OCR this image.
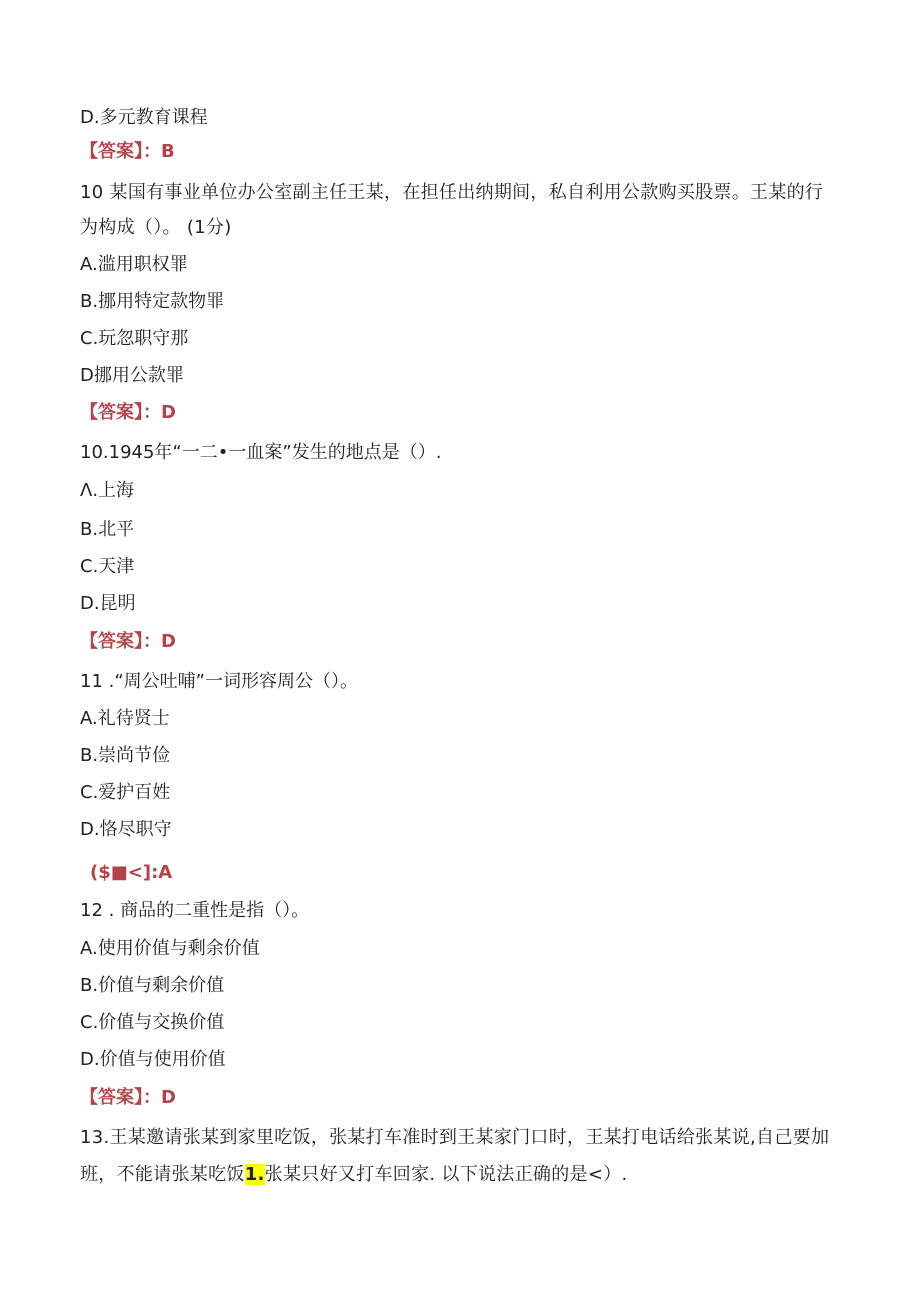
D.多元教育课程
【答案】：B
10 某国有事业单位办公室副主任王某，在担任出纳期间，私自利用公款购买股票。王某的行
为构成（）。 (1分)
A.滥用职权罪
B.挪用特定款物罪
C.玩忽职守那
D挪用公款罪
【答案】：D
10.1945年“一二•一血案”发生的地点是（）.
Λ.上海
B.北平
C.天津
D.昆明
【答案】：D
11 .“周公吐哺”一词形容周公（）。
A.礼待贤士
B.崇尚节俭
C.爱护百姓
D.恪尽职守
($■<]:A
12 . 商品的二重性是指（）。
A.使用价值与剩余价值
B.价值与剩余价值
C.价值与交换价值
D.价值与使用价值
【答案】：D
13.王某邀请张某到家里吃饭，张某打车准时到王某家门口时，王某打电话给张某说,自己要加
班，不能请张某吃饭1.张某只好又打车回家. 以下说法正确的是<）.
